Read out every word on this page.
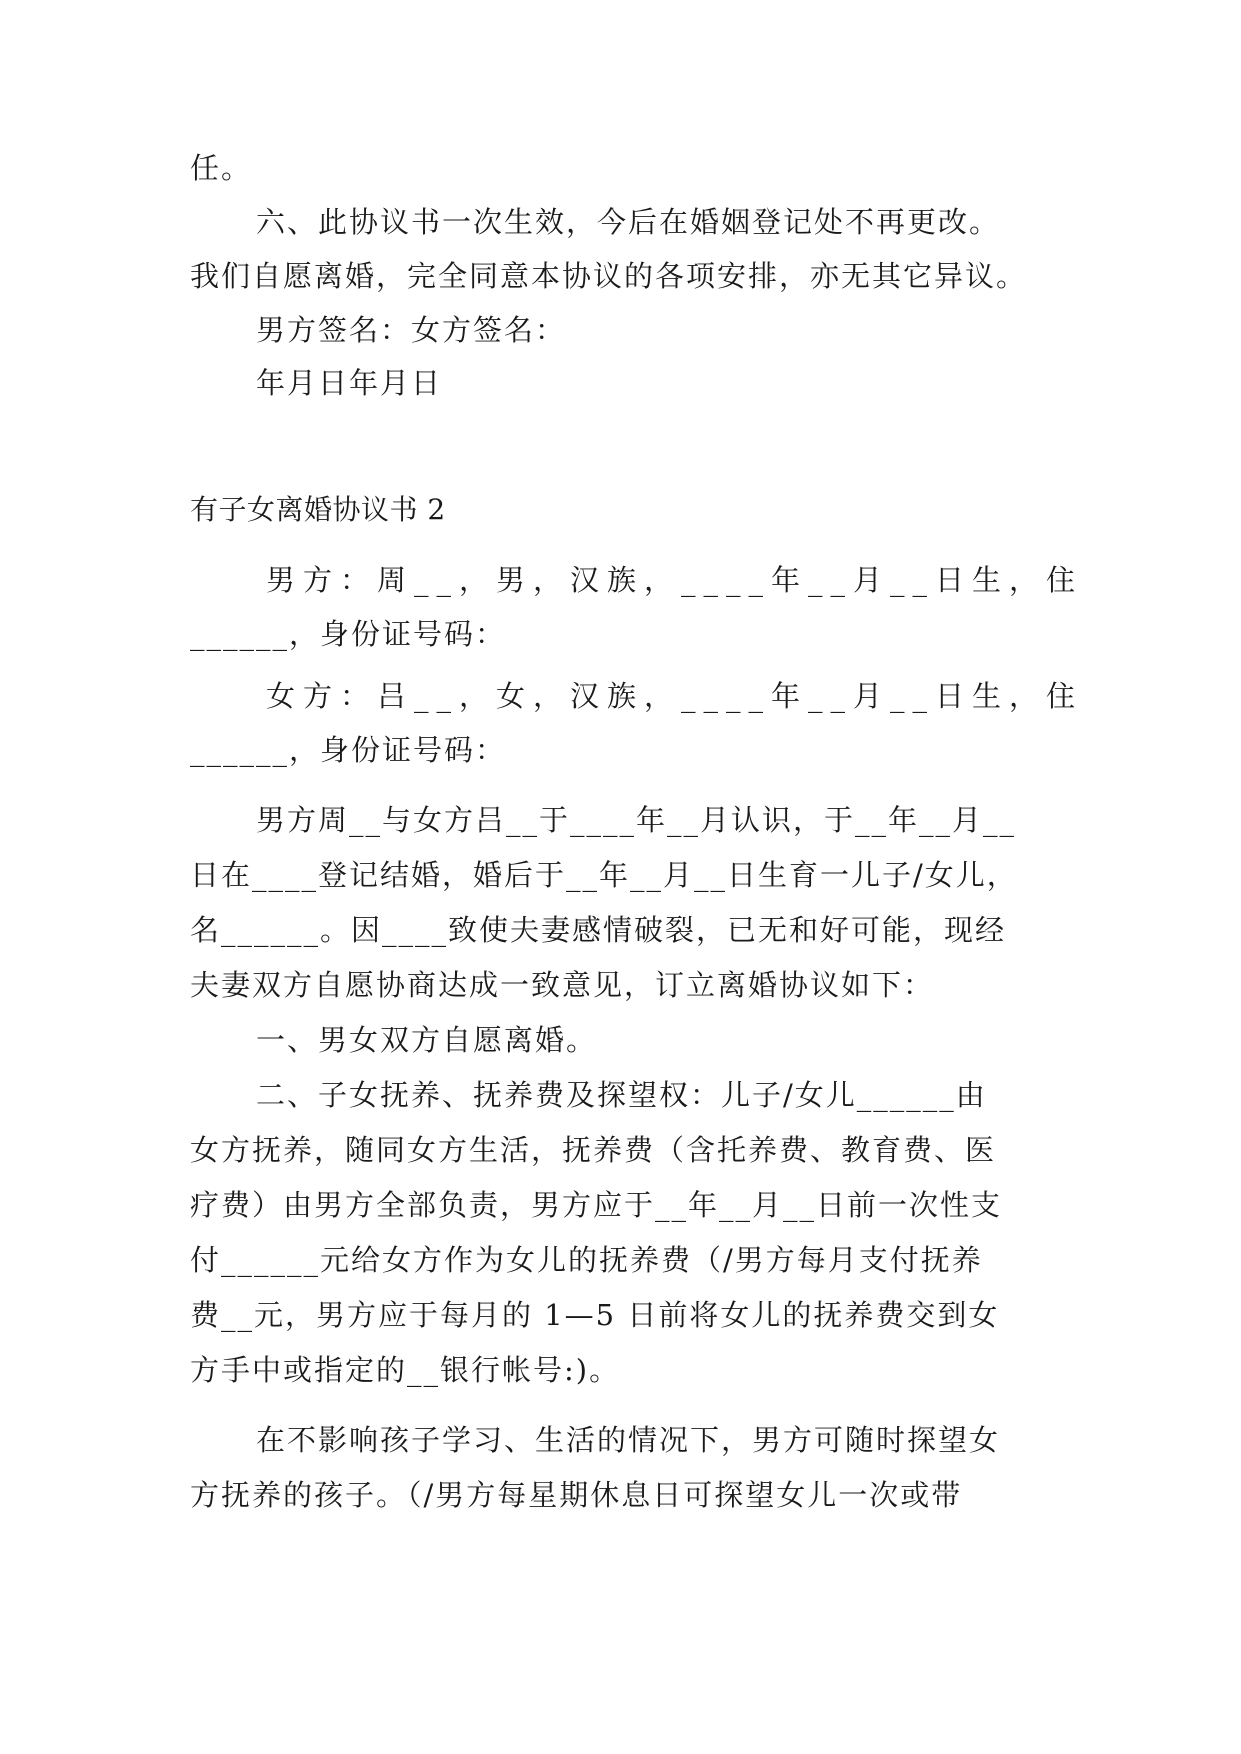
任。
六、此协议书一次生效，今后在婚姻登记处不再更改。
我们自愿离婚，完全同意本协议的各项安排，亦无其它异议。
男方签名：女方签名：
年月日年月日
有子女离婚协议书 2
男方：周__，男，汉族，____年__月__日生，住
______，身份证号码：
女方：吕__，女，汉族，____年__月__日生，住
______，身份证号码：
男方周__与女方吕__于____年__月认识，于__年__月__
日在____登记结婚，婚后于__年__月__日生育一儿子/女儿，
名______。因____致使夫妻感情破裂，已无和好可能，现经
夫妻双方自愿协商达成一致意见，订立离婚协议如下：
一、男女双方自愿离婚。
二、子女抚养、抚养费及探望权：儿子/女儿______由
女方抚养，随同女方生活，抚养费（含托养费、教育费、医
疗费）由男方全部负责，男方应于__年__月__日前一次性支
付______元给女方作为女儿的抚养费（/男方每月支付抚养
费__元，男方应于每月的 1—5 日前将女儿的抚养费交到女
方手中或指定的__银行帐号:)。
在不影响孩子学习、生活的情况下，男方可随时探望女
方抚养的孩子。（/男方每星期休息日可探望女儿一次或带
